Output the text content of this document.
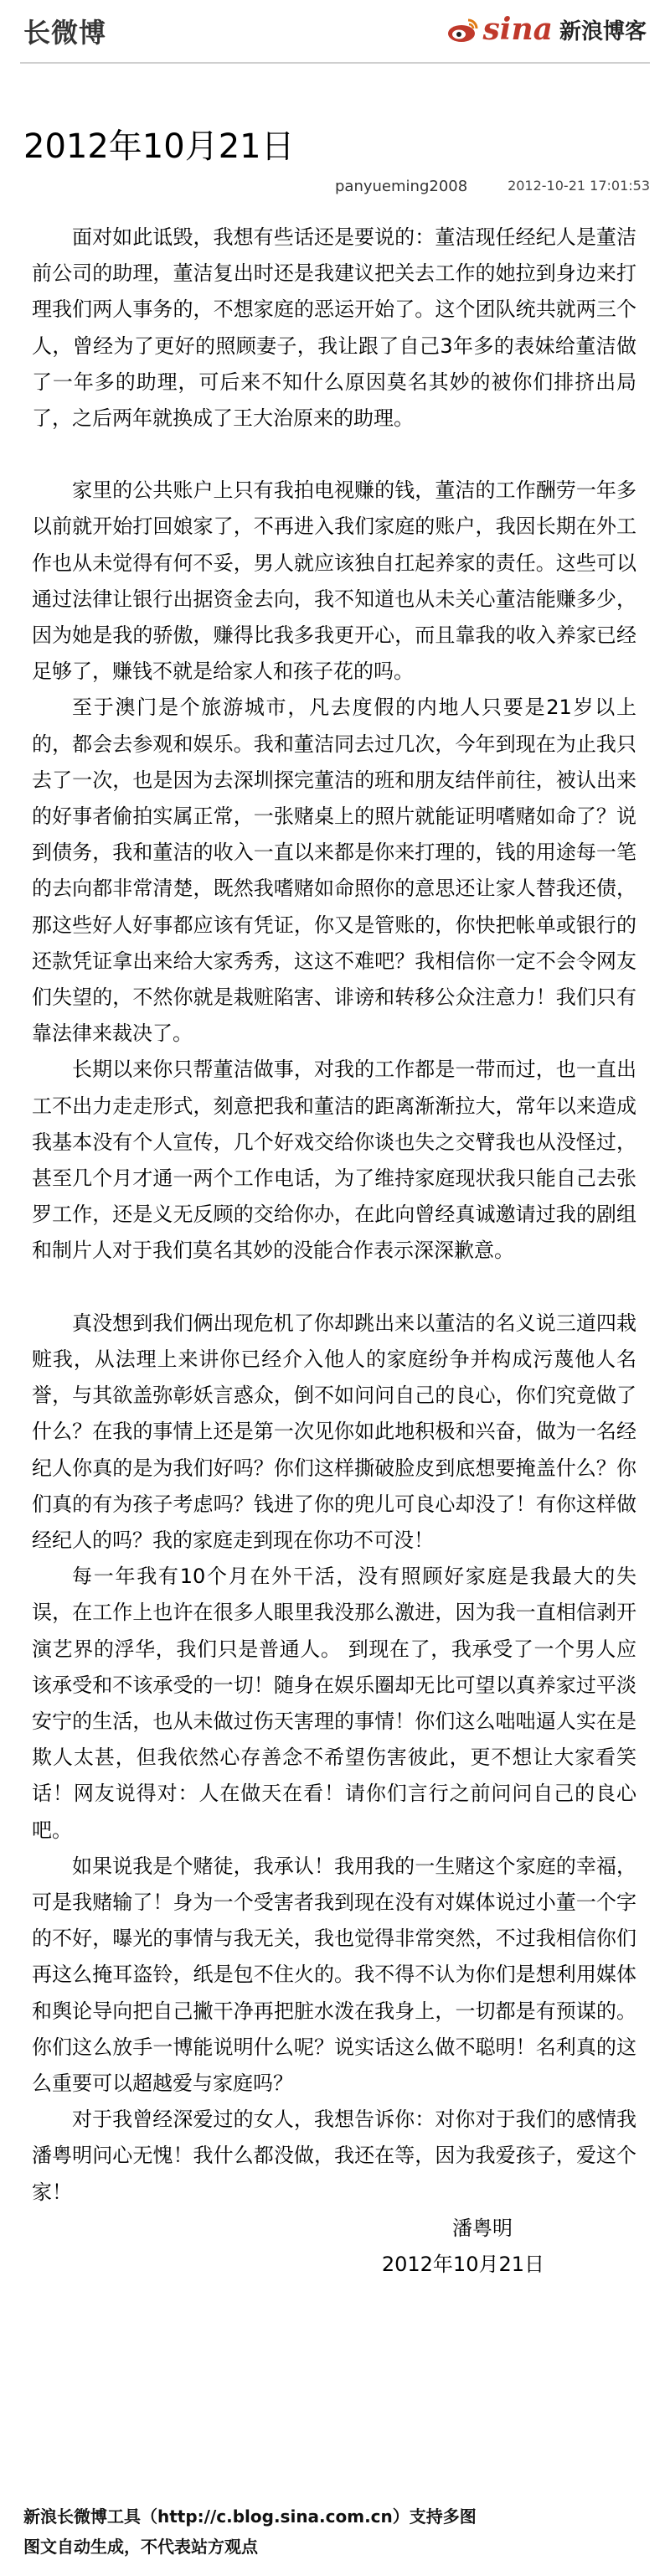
长微博	sina 新浪博客
2012年10月21日
panyueming2008	2012-10-21 17:01:53

面对如此诋毁，我想有些话还是要说的：董洁现任经纪人是董洁前公司的助理，董洁复出时还是我建议把关去工作的她拉到身边来打理我们两人事务的，不想家庭的恶运开始了。这个团队统共就两三个人，曾经为了更好的照顾妻子，我让跟了自己3年多的表妹给董洁做了一年多的助理，可后来不知什么原因莫名其妙的被你们排挤出局了，之后两年就换成了王大治原来的助理。

家里的公共账户上只有我拍电视赚的钱，董洁的工作酬劳一年多以前就开始打回娘家了，不再进入我们家庭的账户，我因长期在外工作也从未觉得有何不妥，男人就应该独自扛起养家的责任。这些可以通过法律让银行出据资金去向，我不知道也从未关心董洁能赚多少，因为她是我的骄傲，赚得比我多我更开心，而且靠我的收入养家已经足够了，赚钱不就是给家人和孩子花的吗。

至于澳门是个旅游城市，凡去度假的内地人只要是21岁以上的，都会去参观和娱乐。我和董洁同去过几次，今年到现在为止我只去了一次，也是因为去深圳探完董洁的班和朋友结伴前往，被认出来的好事者偷拍实属正常，一张赌桌上的照片就能证明嗜赌如命了？说到债务，我和董洁的收入一直以来都是你来打理的，钱的用途每一笔的去向都非常清楚，既然我嗜赌如命照你的意思还让家人替我还债，那这些好人好事都应该有凭证，你又是管账的，你快把帐单或银行的还款凭证拿出来给大家秀秀，这这不难吧？我相信你一定不会令网友们失望的，不然你就是栽赃陷害、诽谤和转移公众注意力！我们只有靠法律来裁决了。

长期以来你只帮董洁做事，对我的工作都是一带而过，也一直出工不出力走走形式，刻意把我和董洁的距离渐渐拉大，常年以来造成我基本没有个人宣传，几个好戏交给你谈也失之交臂我也从没怪过，甚至几个月才通一两个工作电话，为了维持家庭现状我只能自己去张罗工作，还是义无反顾的交给你办，在此向曾经真诚邀请过我的剧组和制片人对于我们莫名其妙的没能合作表示深深歉意。

真没想到我们俩出现危机了你却跳出来以董洁的名义说三道四栽赃我，从法理上来讲你已经介入他人的家庭纷争并构成污蔑他人名誉，与其欲盖弥彰妖言惑众，倒不如问问自己的良心，你们究竟做了什么？在我的事情上还是第一次见你如此地积极和兴奋，做为一名经纪人你真的是为我们好吗？你们这样撕破脸皮到底想要掩盖什么？你们真的有为孩子考虑吗？钱进了你的兜儿可良心却没了！有你这样做经纪人的吗？我的家庭走到现在你功不可没！

每一年我有10个月在外干活，没有照顾好家庭是我最大的失误，在工作上也许在很多人眼里我没那么激进，因为我一直相信剥开演艺界的浮华，我们只是普通人。 到现在了，我承受了一个男人应该承受和不该承受的一切！随身在娱乐圈却无比可望以真养家过平淡安宁的生活，也从未做过伤天害理的事情！你们这么咄咄逼人实在是欺人太甚，但我依然心存善念不希望伤害彼此，更不想让大家看笑话！网友说得对：人在做天在看！请你们言行之前问问自己的良心吧。

如果说我是个赌徒，我承认！我用我的一生赌这个家庭的幸福，可是我赌输了！身为一个受害者我到现在没有对媒体说过小董一个字的不好，曝光的事情与我无关，我也觉得非常突然，不过我相信你们再这么掩耳盗铃，纸是包不住火的。我不得不认为你们是想利用媒体和舆论导向把自己撇干净再把脏水泼在我身上，一切都是有预谋的。你们这么放手一博能说明什么呢？说实话这么做不聪明！名利真的这么重要可以超越爱与家庭吗？

对于我曾经深爱过的女人，我想告诉你：对你对于我们的感情我潘粤明问心无愧！我什么都没做，我还在等，因为我爱孩子，爱这个家！

潘粤明
2012年10月21日
新浪长微博工具（http://c.blog.sina.com.cn）支持多图
图文自动生成，不代表站方观点
